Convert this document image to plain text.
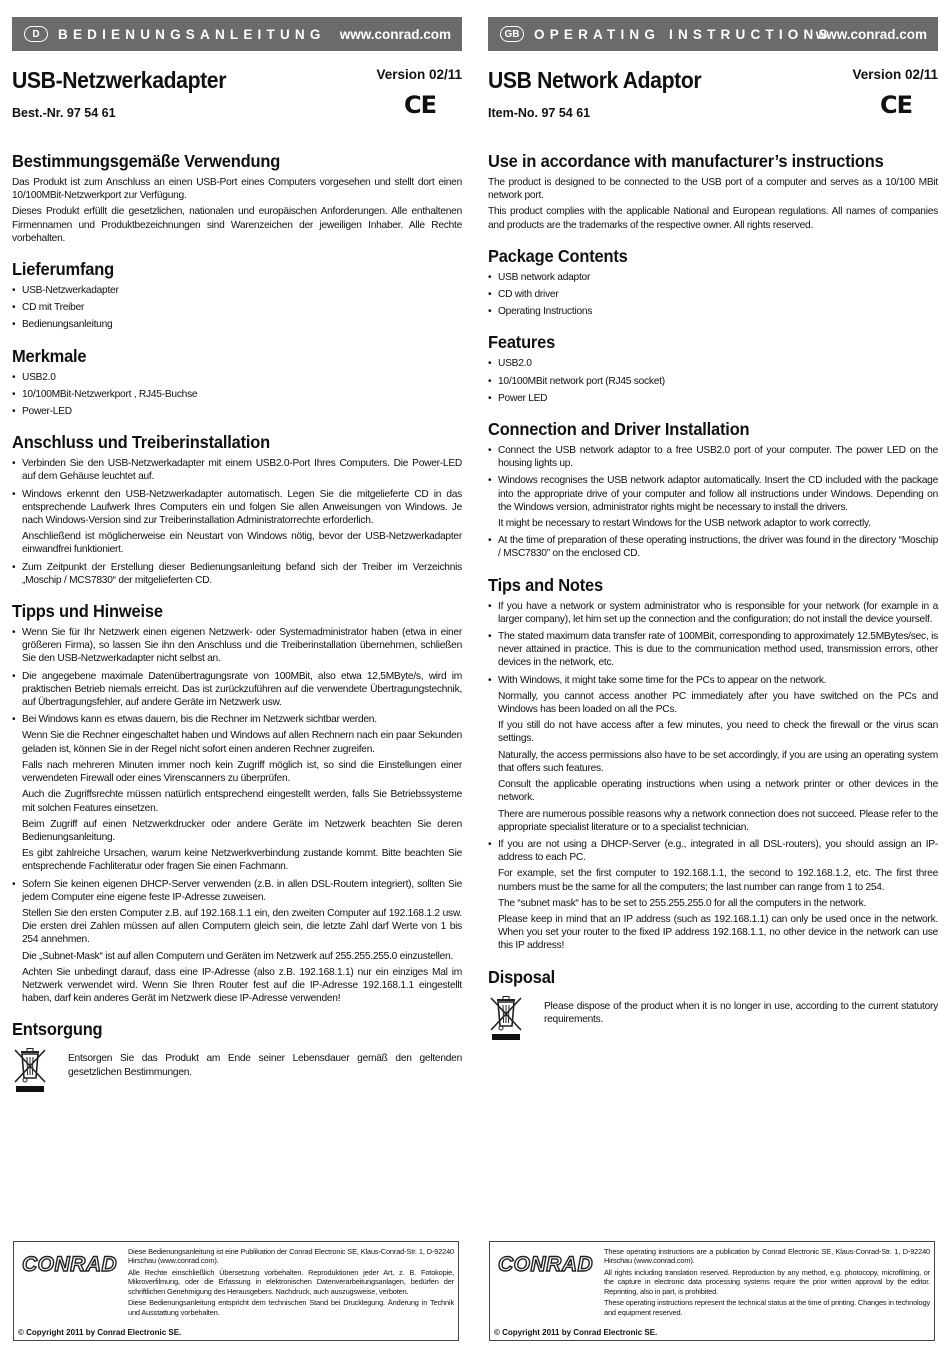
D	BEDIENUNGSANLEITUNG www.conrad.com
USB-Netzwerkadapter
Best.-Nr. 97 54 61
Version 02/11
CE
Bestimmungsgemäße Verwendung

Das Produkt ist zum Anschluss an einen USB-Port eines Computers vorgesehen und stellt dort einen 10/100MBit-Netzwerkport zur Verfügung.

Dieses Produkt erfüllt die gesetzlichen, nationalen und europäischen Anforderungen. Alle enthaltenen Firmennamen und Produktbezeichnungen sind Warenzeichen der jeweiligen Inhaber. Alle Rechte vorbehalten.

Lieferumfang
• USB-Netzwerkadapter
• CD mit Treiber
• Bedienungsanleitung
Merkmale
• USB2.0
• 10/100MBit-Netzwerkport , RJ45-Buchse
• Power-LED
Anschluss und Treiberinstallation
• Verbinden Sie den USB-Netzwerkadapter mit einem USB2.0-Port Ihres Computers. Die Power-LED auf dem Gehäuse leuchtet auf.
• Windows erkennt den USB-Netzwerkadapter automatisch. Legen Sie die mitgelieferte CD in das entsprechende Laufwerk Ihres Computers ein und folgen Sie allen Anweisungen von Windows. Je nach Windows-Version sind zur Treiberinstallation Administratorrechte erforderlich.

Anschließend ist möglicherweise ein Neustart von Windows nötig, bevor der USB-Netzwerkadapter einwandfrei funktioniert.

• Zum Zeitpunkt der Erstellung dieser Bedienungsanleitung befand sich der Treiber im Verzeichnis „Moschip / MCS7830“ der mitgelieferten CD.
Tipps und Hinweise
• Wenn Sie für Ihr Netzwerk einen eigenen Netzwerk- oder Systemadministrator haben (etwa in einer größeren Firma), so lassen Sie ihn den Anschluss und die Treiberinstallation übernehmen, schließen Sie den USB-Netzwerkadapter nicht selbst an.
• Die angegebene maximale Datenübertragungsrate von 100MBit, also etwa 12,5MByte/s, wird im praktischen Betrieb niemals erreicht. Das ist zurückzuführen auf die verwendete Übertragungstechnik, auf Übertragungsfehler, auf andere Geräte im Netzwerk usw.
• Bei Windows kann es etwas dauern, bis die Rechner im Netzwerk sichtbar werden.

Wenn Sie die Rechner eingeschaltet haben und Windows auf allen Rechnern nach ein paar Sekunden geladen ist, können Sie in der Regel nicht sofort einen anderen Rechner zugreifen.

Falls nach mehreren Minuten immer noch kein Zugriff möglich ist, so sind die Einstellungen einer verwendeten Firewall oder eines Virenscanners zu überprüfen.

Auch die Zugriffsrechte müssen natürlich entsprechend eingestellt werden, falls Sie Betriebssysteme mit solchen Features einsetzen.

Beim Zugriff auf einen Netzwerkdrucker oder andere Geräte im Netzwerk beachten Sie deren Bedienungsanleitung.

Es gibt zahlreiche Ursachen, warum keine Netzwerkverbindung zustande kommt. Bitte beachten Sie entsprechende Fachliteratur oder fragen Sie einen Fachmann.

• Sofern Sie keinen eigenen DHCP-Server verwenden (z.B. in allen DSL-Routern integriert), sollten Sie jedem Computer eine eigene feste IP-Adresse zuweisen.

Stellen Sie den ersten Computer z.B. auf 192.168.1.1 ein, den zweiten Computer auf 192.168.1.2 usw. Die ersten drei Zahlen müssen auf allen Computern gleich sein, die letzte Zahl darf Werte von 1 bis 254 annehmen.

Die „Subnet-Mask“ ist auf allen Computern und Geräten im Netzwerk auf 255.255.255.0 einzustellen.

Achten Sie unbedingt darauf, dass eine IP-Adresse (also z.B. 192.168.1.1) nur ein einziges Mal im Netzwerk verwendet wird. Wenn Sie Ihren Router fest auf die IP-Adresse 192.168.1.1 eingestellt haben, darf kein anderes Gerät im Netzwerk diese IP-Adresse verwenden!

Entsorgung

Entsorgen Sie das Produkt am Ende seiner Lebensdauer gemäß den geltenden gesetzlichen Bestimmungen.

GB	OPERATING INSTRUCTIONS
www.conrad.com
USB Network Adaptor
Item-No. 97 54 61
Version 02/11
CE
Use in accordance with manufacturer’s instructions

The product is designed to be connected to the USB port of a computer and serves as a 10/100 MBit network port.

This product complies with the applicable National and European regulations. All names of companies and products are the trademarks of the respective owner. All rights reserved.

Package Contents
• USB network adaptor
• CD with driver
• Operating Instructions
Features
• USB2.0
• 10/100MBit network port (RJ45 socket)
• Power LED
Connection and Driver Installation
• Connect the USB network adaptor to a free USB2.0 port of your computer. The power LED on the housing lights up.
• Windows recognises the USB network adaptor automatically. Insert the CD included with the package into the appropriate drive of your computer and follow all instructions under Windows. Depending on the Windows version, administrator rights might be necessary to install the drivers.

It might be necessary to restart Windows for the USB network adaptor to work correctly.

• At the time of preparation of these operating instructions, the driver was found in the directory “Moschip / MSC7830” on the enclosed CD.
Tips and Notes
• If you have a network or system administrator who is responsible for your network (for example in a larger company), let him set up the connection and the configuration; do not install the device yourself.
• The stated maximum data transfer rate of 100MBit, corresponding to approximately 12.5MBytes/sec, is never attained in practice. This is due to the communication method used, transmission errors, other devices in the network, etc.
• With Windows, it might take some time for the PCs to appear on the network.

Normally, you cannot access another PC immediately after you have switched on the PCs and Windows has been loaded on all the PCs.

If you still do not have access after a few minutes, you need to check the firewall or the virus scan settings.

Naturally, the access permissions also have to be set accordingly, if you are using an operating system that offers such features.

Consult the applicable operating instructions when using a network printer or other devices in the network.

There are numerous possible reasons why a network connection does not succeed. Please refer to the appropriate specialist literature or to a specialist technician.

• If you are not using a DHCP-Server (e.g., integrated in all DSL-routers), you should assign an IP-address to each PC.

For example, set the first computer to 192.168.1.1, the second to 192.168.1.2, etc. The first three numbers must be the same for all the computers; the last number can range from 1 to 254.

The “subnet mask“ has to be set to 255.255.255.0 for all the computers in the network.

Please keep in mind that an IP address (such as 192.168.1.1) can only be used once in the network. When you set your router to the fixed IP address 192.168.1.1, no other device in the network can use this IP address!

Disposal

Please dispose of the product when it is no longer in use, according to the current statutory requirements.

CONRAD

Diese Bedienungsanleitung ist eine Publikation der Conrad Electronic SE, Klaus-Conrad-Str. 1, D-92240 Hirschau (www.conrad.com).

Alle Rechte einschließlich Übersetzung vorbehalten. Reproduktionen jeder Art, z. B. Fotokopie, Mikroverfilmung, oder die Erfassung in elektronischen Datenverarbeitungsanlagen, bedürfen der schriftlichen Genehmigung des Herausgebers. Nachdruck, auch auszugsweise, verboten.

Diese Bedienungsanleitung entspricht dem technischen Stand bei Drucklegung. Änderung in Technik und Ausstattung vorbehalten.

© Copyright 2011 by Conrad Electronic SE.
CONRAD

These operating instructions are a publication by Conrad Electronic SE, Klaus-Conrad-Str. 1, D-92240 Hirschau (www.conrad.com).

All rights including translation reserved. Reproduction by any method, e.g. photocopy, microfilming, or the capture in electronic data processing systems require the prior written approval by the editor. Reprinting, also in part, is prohibited.

These operating instructions represent the technical status at the time of printing. Changes in technology and equipment reserved.

© Copyright 2011 by Conrad Electronic SE.
